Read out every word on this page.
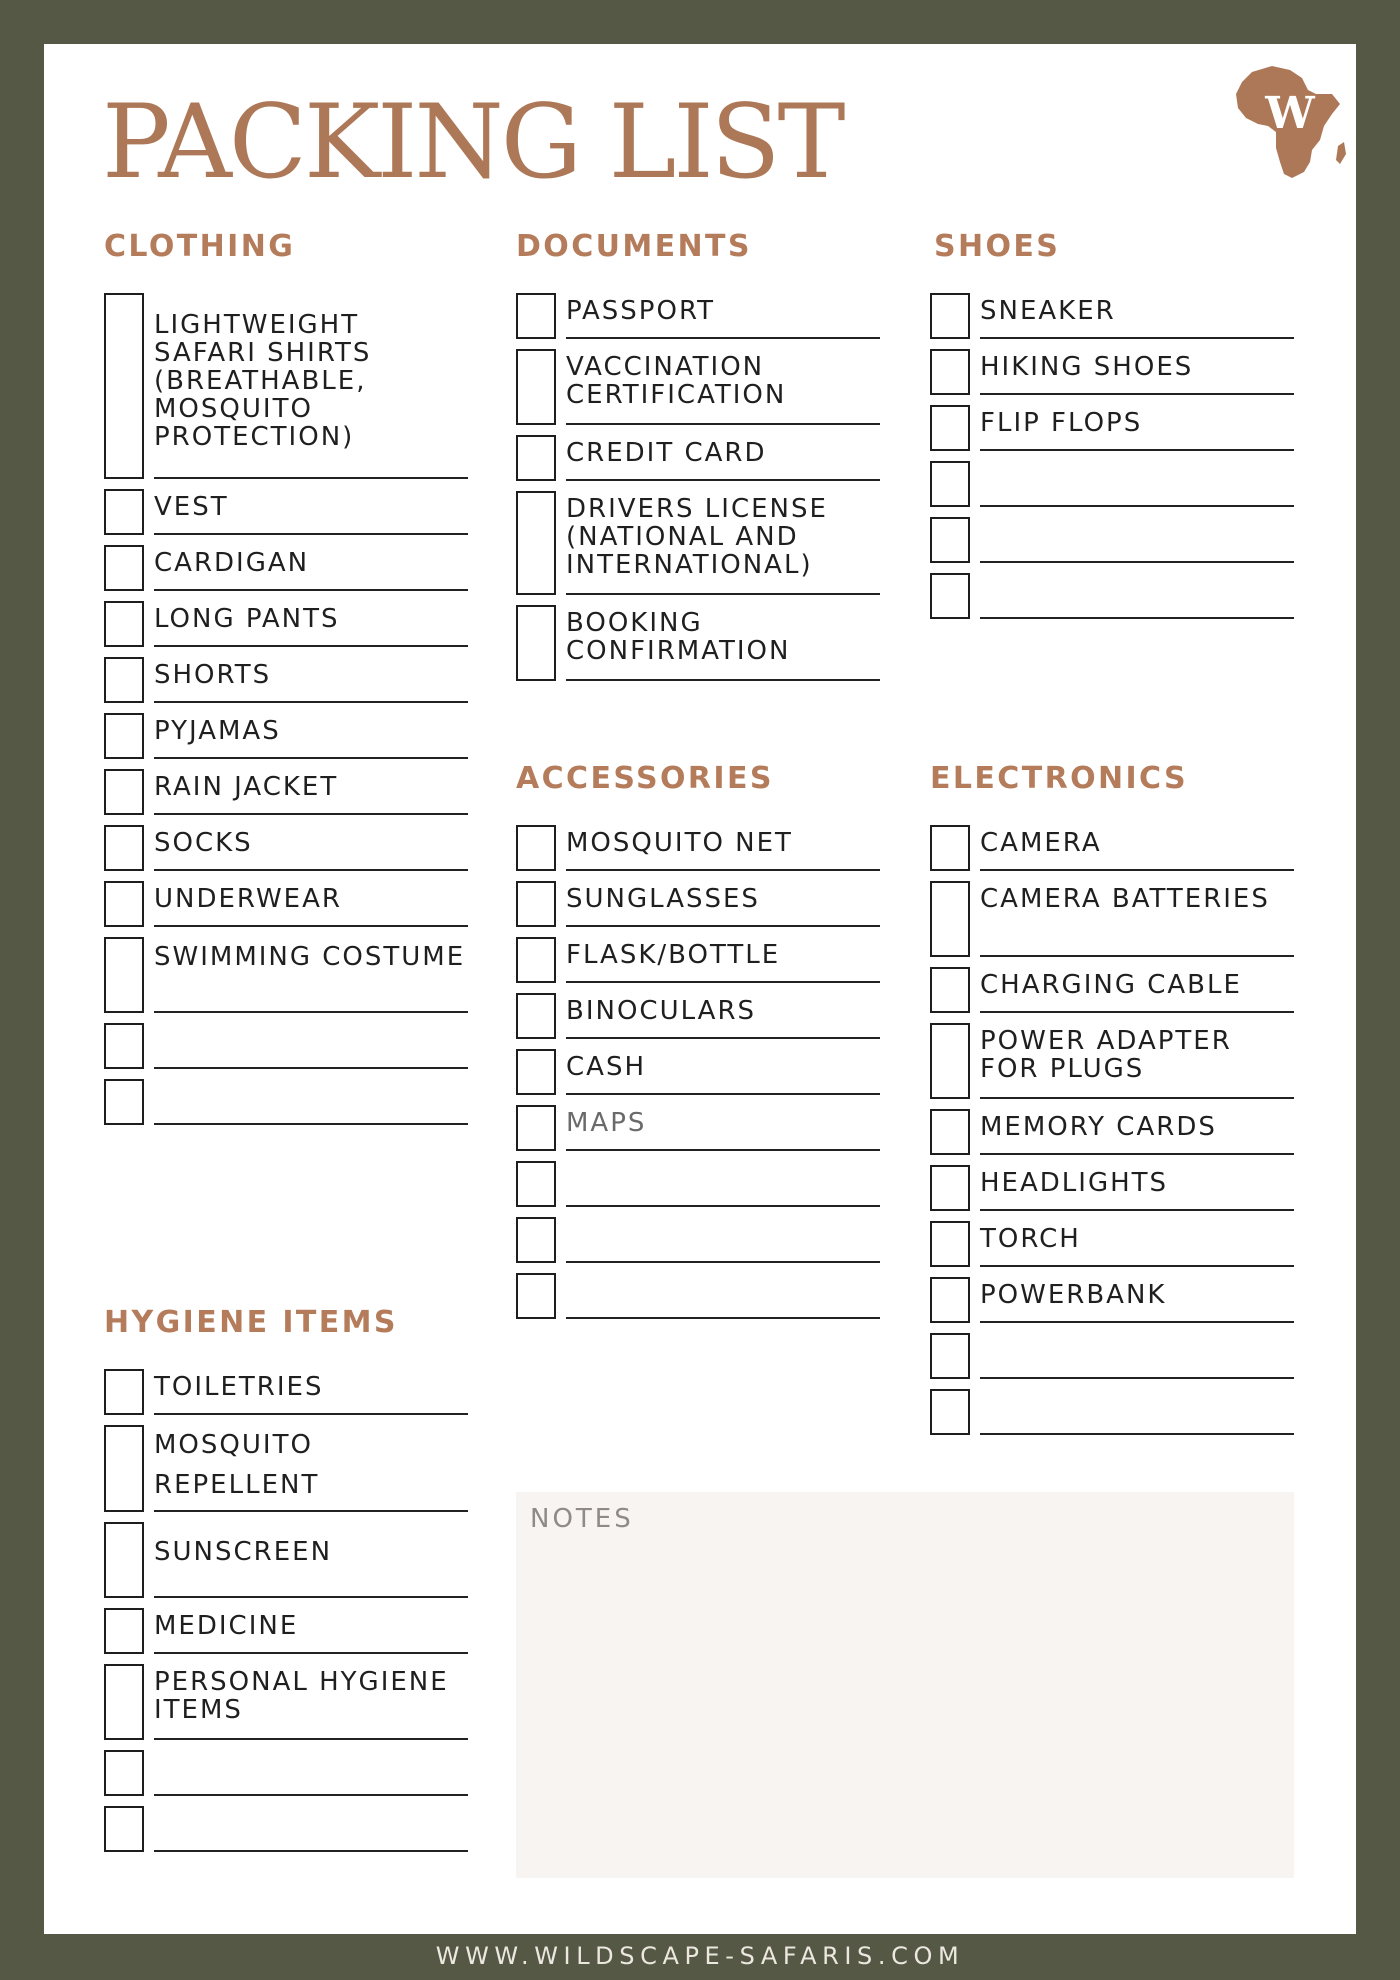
PACKING LIST	W
CLOTHING
LIGHTWEIGHT SAFARI SHIRTS (BREATHABLE, MOSQUITO PROTECTION)
VEST
CARDIGAN
LONG PANTS
SHORTS
PYJAMAS
RAIN JACKET
SOCKS
UNDERWEAR
SWIMMING COSTUME
DOCUMENTS
PASSPORT
VACCINATION CERTIFICATION
CREDIT CARD
DRIVERS LICENSE (NATIONAL AND INTERNATIONAL)
BOOKING CONFIRMATION
SHOES
SNEAKER
HIKING SHOES
FLIP FLOPS
ACCESSORIES
MOSQUITO NET
SUNGLASSES
FLASK/BOTTLE
BINOCULARS
CASH
MAPS
ELECTRONICS
CAMERA
CAMERA BATTERIES
CHARGING CABLE
POWER ADAPTER FOR PLUGS
MEMORY CARDS
HEADLIGHTS
TORCH
POWERBANK
HYGIENE ITEMS
TOILETRIES
MOSQUITO REPELLENT
SUNSCREEN
MEDICINE
PERSONAL HYGIENE ITEMS
NOTES
WWW.WILDSCAPE-SAFARIS.COM
